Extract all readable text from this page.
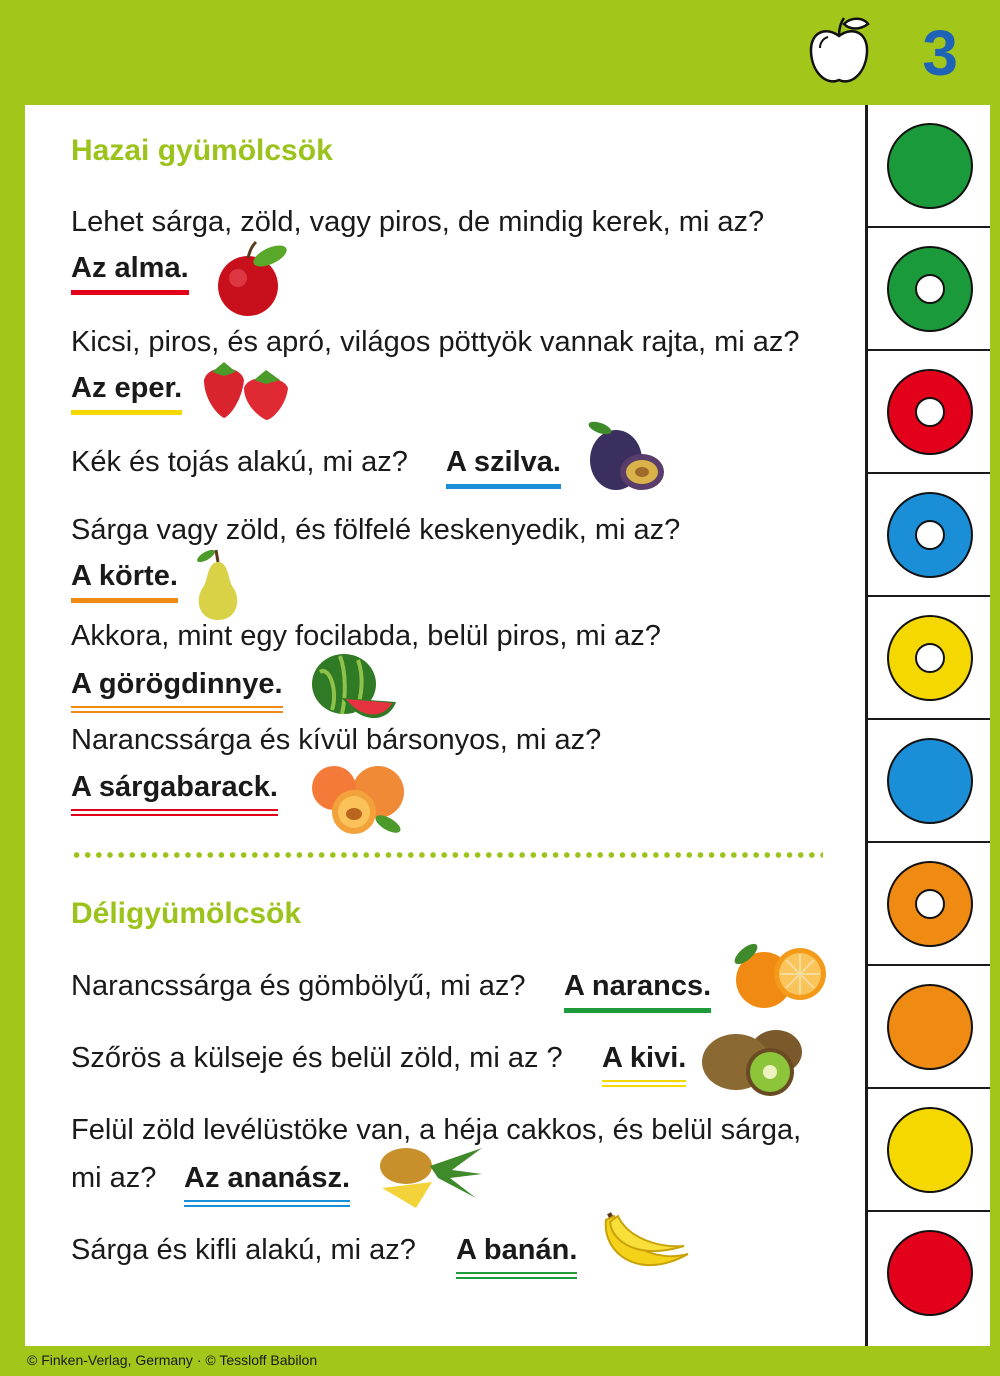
3
Hazai gyümölcsök
Lehet sárga, zöld, vagy piros, de mindig kerek, mi az?
Az alma.
Kicsi, piros, és apró, világos pöttyök vannak rajta, mi az?
Az eper.
Kék és tojás alakú, mi az? A szilva.
Sárga vagy zöld, és fölfelé keskenyedik, mi az?
A körte.
Akkora, mint egy focilabda, belül piros, mi az?
A görögdinnye.
Narancssárga és kívül bársonyos, mi az?
A sárgabarack.
Déligyümölcsök
Narancssárga és gömbölyű, mi az? A narancs.
Szőrös a külseje és belül zöld, mi az ? A kivi.
Felül zöld levélüstöke van, a héja cakkos, és belül sárga,
mi az? Az ananász.
Sárga és kifli alakú, mi az? A banán.
© Finken-Verlag, Germany · © Tessloff Babilon
